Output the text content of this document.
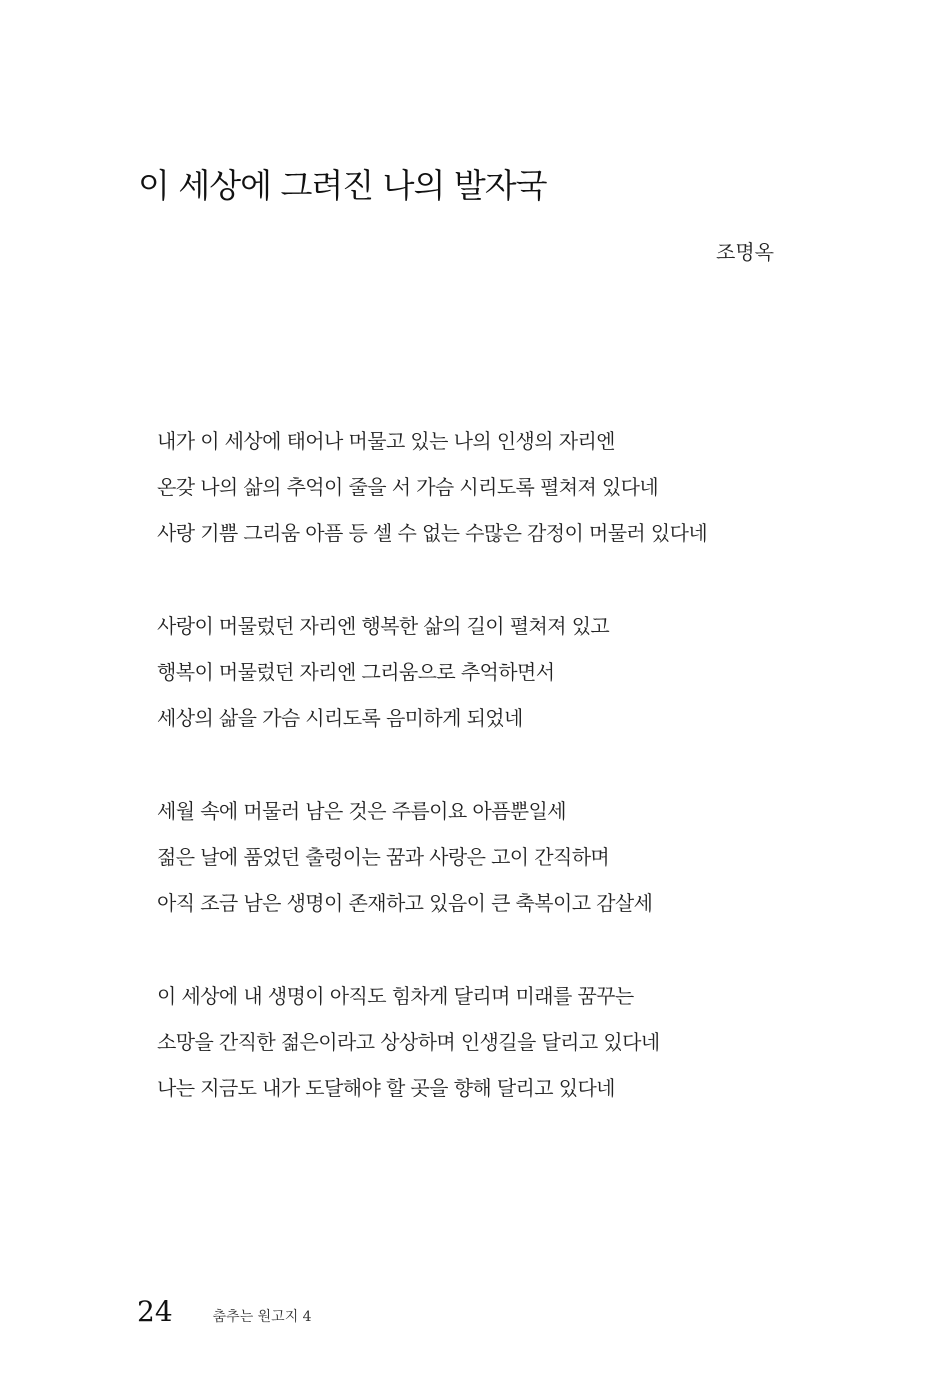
이 세상에 그려진 나의 발자국
조명옥
내가 이 세상에 태어나 머물고 있는 나의 인생의 자리엔
온갖 나의 삶의 추억이 줄을 서 가슴 시리도록 펼쳐져 있다네
사랑 기쁨 그리움 아픔 등 셀 수 없는 수많은 감정이 머물러 있다네
사랑이 머물렀던 자리엔 행복한 삶의 길이 펼쳐져 있고
행복이 머물렀던 자리엔 그리움으로 추억하면서
세상의 삶을 가슴 시리도록 음미하게 되었네
세월 속에 머물러 남은 것은 주름이요 아픔뿐일세
젊은 날에 품었던 출렁이는 꿈과 사랑은 고이 간직하며
아직 조금 남은 생명이 존재하고 있음이 큰 축복이고 감살세
이 세상에 내 생명이 아직도 힘차게 달리며 미래를 꿈꾸는
소망을 간직한 젊은이라고 상상하며 인생길을 달리고 있다네
나는 지금도 내가 도달해야 할 곳을 향해 달리고 있다네
24	춤추는 원고지 4
